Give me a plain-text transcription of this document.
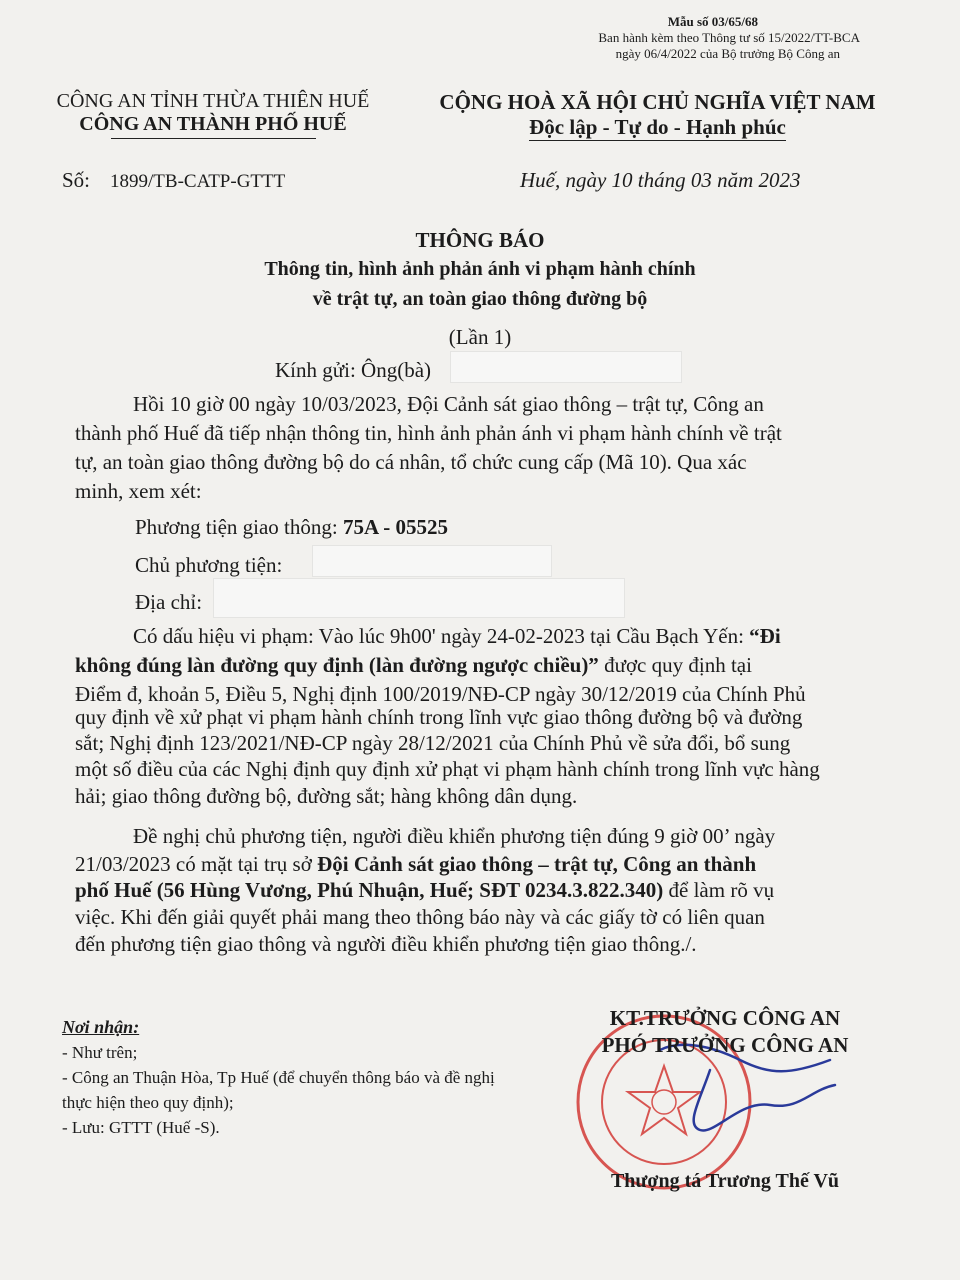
Mẫu số 03/65/68
Ban hành kèm theo Thông tư số 15/2022/TT-BCA
ngày 06/4/2022 của Bộ trưởng Bộ Công an
CÔNG AN TỈNH THỪA THIÊN HUẾ
CÔNG AN THÀNH PHỐ HUẾ
CỘNG HOÀ XÃ HỘI CHỦ NGHĨA VIỆT NAM
Độc lập - Tự do - Hạnh phúc
Số: 1899/TB-CATP-GTTT	Huế, ngày 10 tháng 03 năm 2023
THÔNG BÁO
Thông tin, hình ảnh phản ánh vi phạm hành chính
về trật tự, an toàn giao thông đường bộ
(Lần 1)
Kính gửi: Ông(bà)
Hồi 10 giờ 00 ngày 10/03/2023, Đội Cảnh sát giao thông – trật tự, Công an
thành phố Huế đã tiếp nhận thông tin, hình ảnh phản ánh vi phạm hành chính về trật
tự, an toàn giao thông đường bộ do cá nhân, tổ chức cung cấp (Mã 10). Qua xác
minh, xem xét:
Phương tiện giao thông: 75A - 05525
Chủ phương tiện:
Địa chỉ:
Có dấu hiệu vi phạm: Vào lúc 9h00' ngày 24-02-2023 tại Cầu Bạch Yến: “Đi
không đúng làn đường quy định (làn đường ngược chiều)” được quy định tại
Điểm đ, khoản 5, Điều 5, Nghị định 100/2019/NĐ-CP ngày 30/12/2019 của Chính Phủ
quy định về xử phạt vi phạm hành chính trong lĩnh vực giao thông đường bộ và đường
sắt; Nghị định 123/2021/NĐ-CP ngày 28/12/2021 của Chính Phủ về sửa đổi, bổ sung
một số điều của các Nghị định quy định xử phạt vi phạm hành chính trong lĩnh vực hàng
hải; giao thông đường bộ, đường sắt; hàng không dân dụng.
Đề nghị chủ phương tiện, người điều khiển phương tiện đúng 9 giờ 00’ ngày
21/03/2023 có mặt tại trụ sở Đội Cảnh sát giao thông – trật tự, Công an thành
phố Huế (56 Hùng Vương, Phú Nhuận, Huế; SĐT 0234.3.822.340) để làm rõ vụ
việc. Khi đến giải quyết phải mang theo thông báo này và các giấy tờ có liên quan
đến phương tiện giao thông và người điều khiển phương tiện giao thông./.
Nơi nhận:
- Như trên;
- Công an Thuận Hòa, Tp Huế (để chuyển thông báo và đề nghị thực hiện theo quy định);
- Lưu: GTTT (Huế -S).
KT.TRƯỞNG CÔNG AN
PHÓ TRƯỞNG CÔNG AN
Thượng tá Trương Thế Vũ
